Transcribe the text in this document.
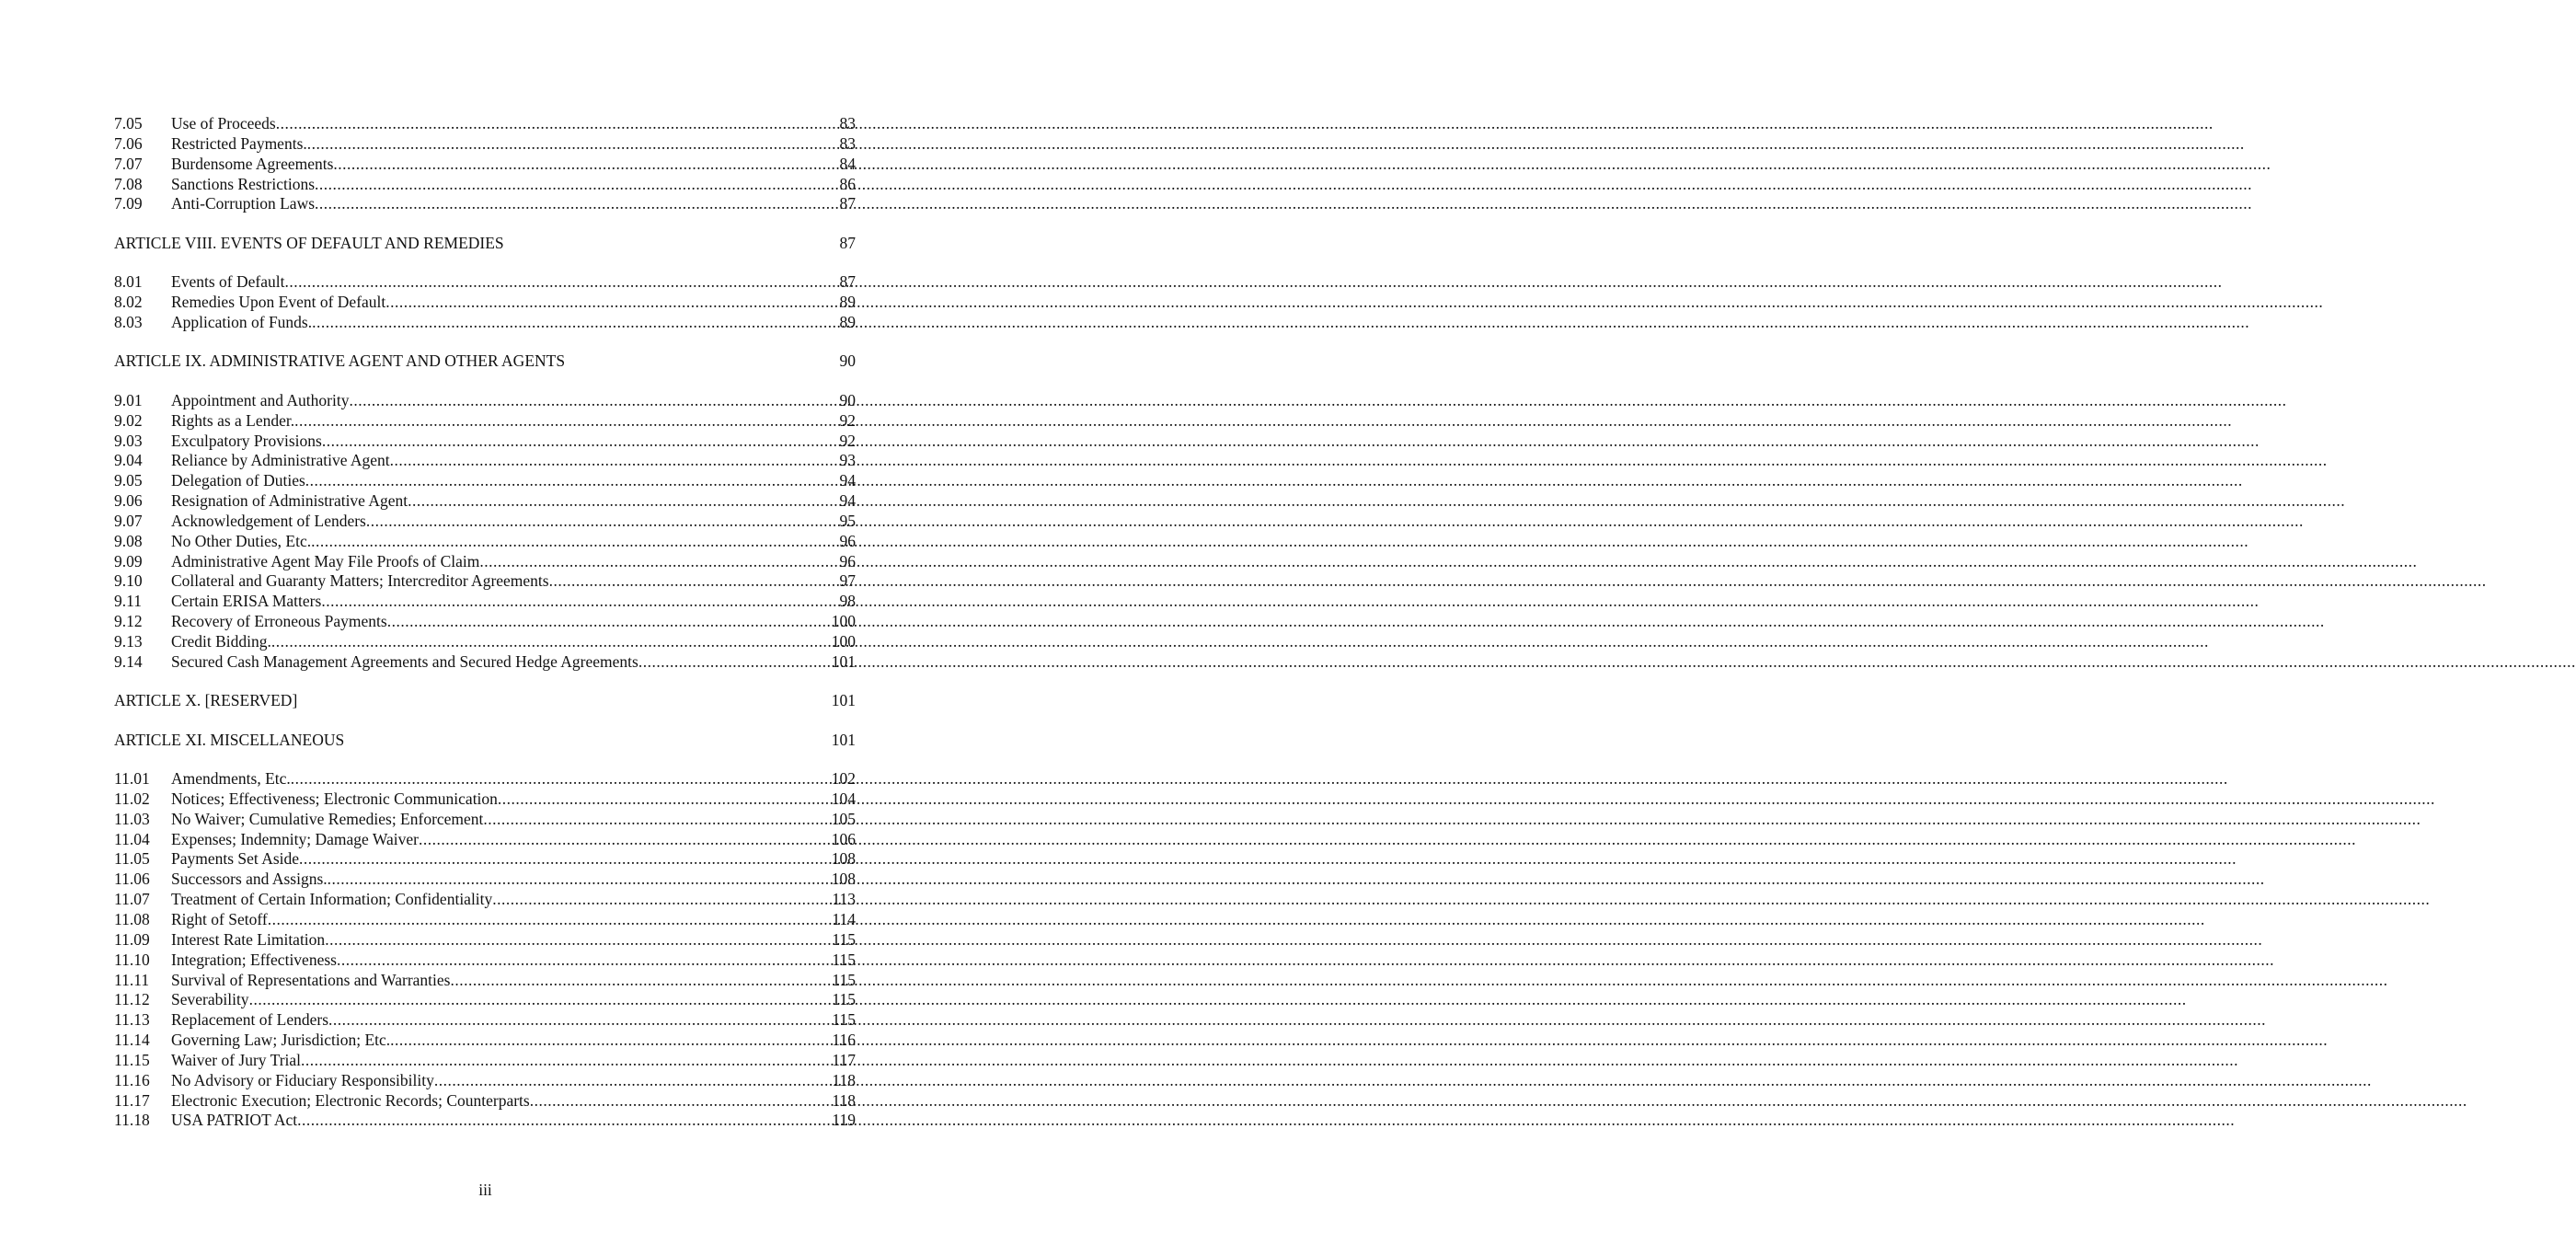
7.05	Use of Proceeds .....	83
7.06	Restricted Payments. .....	83
7.07	Burdensome Agreements .....	84
7.08	Sanctions Restrictions .....	86
7.09	Anti-Corruption Laws .....	87
ARTICLE VIII. EVENTS OF DEFAULT AND REMEDIES	87
8.01	Events of Default .....	87
8.02	Remedies Upon Event of Default .....	89
8.03	Application of Funds. .....	89
ARTICLE IX. ADMINISTRATIVE AGENT AND OTHER AGENTS	90
9.01	Appointment and Authority .....	90
9.02	Rights as a Lender. .....	92
9.03	Exculpatory Provisions .....	92
9.04	Reliance by Administrative Agent .....	93
9.05	Delegation of Duties .....	94
9.06	Resignation of Administrative Agent .....	94
9.07	Acknowledgement of Lenders .....	95
9.08	No Other Duties, Etc. .....	96
9.09	Administrative Agent May File Proofs of Claim .....	96
9.10	Collateral and Guaranty Matters; Intercreditor Agreements .....	97
9.11	Certain ERISA Matters .....	98
9.12	Recovery of Erroneous Payments .....	100
9.13	Credit Bidding. .....	100
9.14	Secured Cash Management Agreements and Secured Hedge Agreements .....	101
ARTICLE X. [RESERVED]	101
ARTICLE XI. MISCELLANEOUS	101
11.01	Amendments, Etc. .....	102
11.02	Notices; Effectiveness; Electronic Communication .....	104
11.03	No Waiver; Cumulative Remedies; Enforcement .....	105
11.04	Expenses; Indemnity; Damage Waiver .....	106
11.05	Payments Set Aside .....	108
11.06	Successors and Assigns. .....	108
11.07	Treatment of Certain Information; Confidentiality .....	113
11.08	Right of Setoff .....	114
11.09	Interest Rate Limitation .....	115
11.10	Integration; Effectiveness .....	115
11.11	Survival of Representations and Warranties .....	115
11.12	Severability .....	115
11.13	Replacement of Lenders .....	115
11.14	Governing Law; Jurisdiction; Etc. .....	116
11.15	Waiver of Jury Trial .....	117
11.16	No Advisory or Fiduciary Responsibility .....	118
11.17	Electronic Execution; Electronic Records; Counterparts .....	118
11.18	USA PATRIOT Act .....	119
iii
